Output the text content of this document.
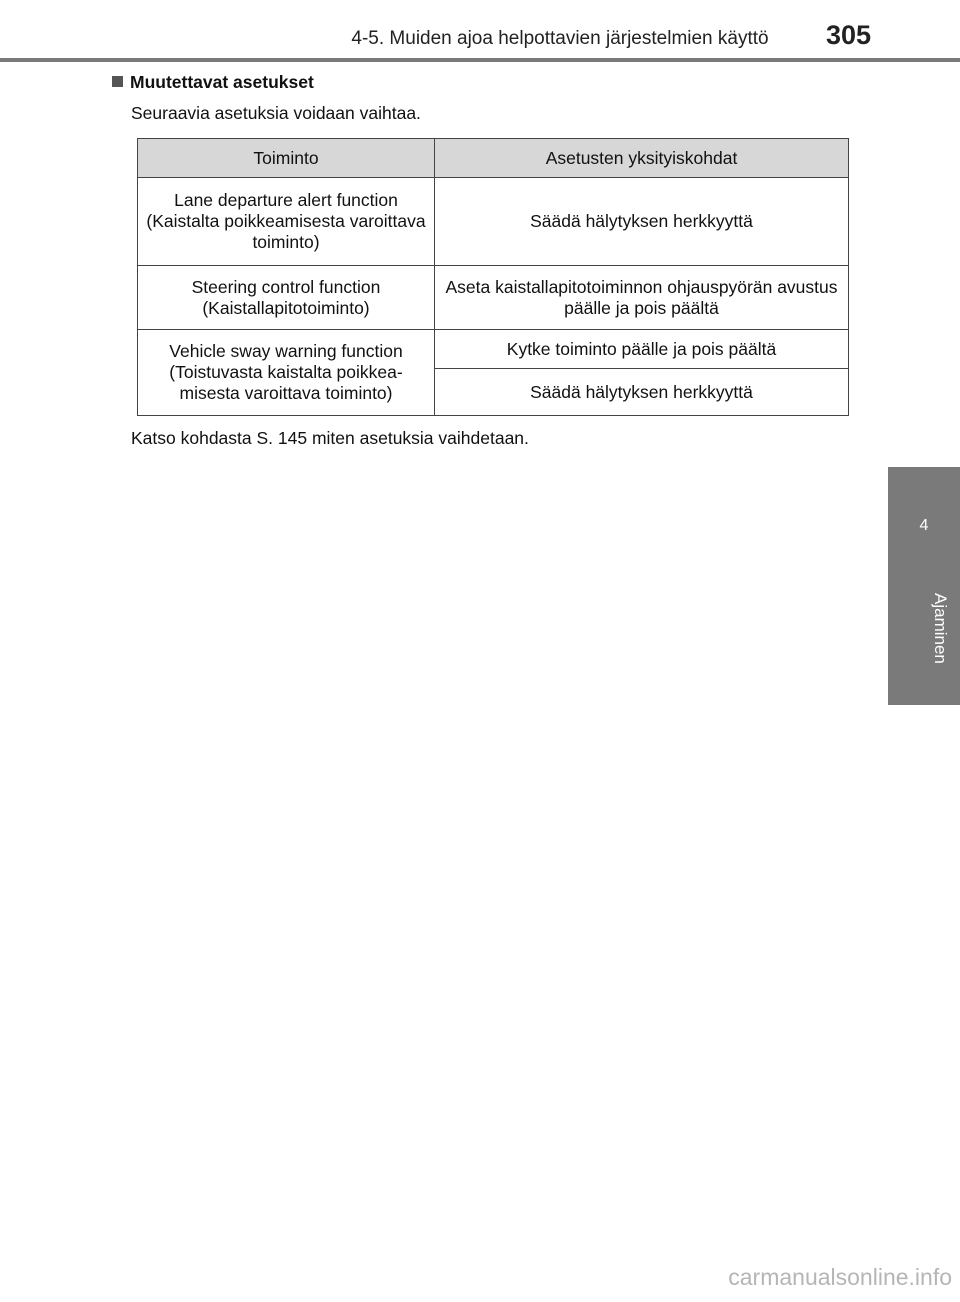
4-5. Muiden ajoa helpottavien järjestelmien käyttö	305
4
Ajaminen
Muutettavat asetukset
Seuraavia asetuksia voidaan vaihtaa.
Toiminto	Asetusten yksityiskohdat
Lane departure alert function (Kaistalta poikkeamisesta varoittava toiminto)	Säädä hälytyksen herkkyyttä
Steering control function (Kaistallapitotoiminto)	Aseta kaistallapitotoiminnon ohjauspyörän avustus päälle ja pois päältä
Vehicle sway warning function (Toistuvasta kaistalta poikkea-misesta varoittava toiminto)	Kytke toiminto päälle ja pois päältä
	Säädä hälytyksen herkkyyttä
Katso kohdasta S. 145 miten asetuksia vaihdetaan.
carmanualsonline.info
